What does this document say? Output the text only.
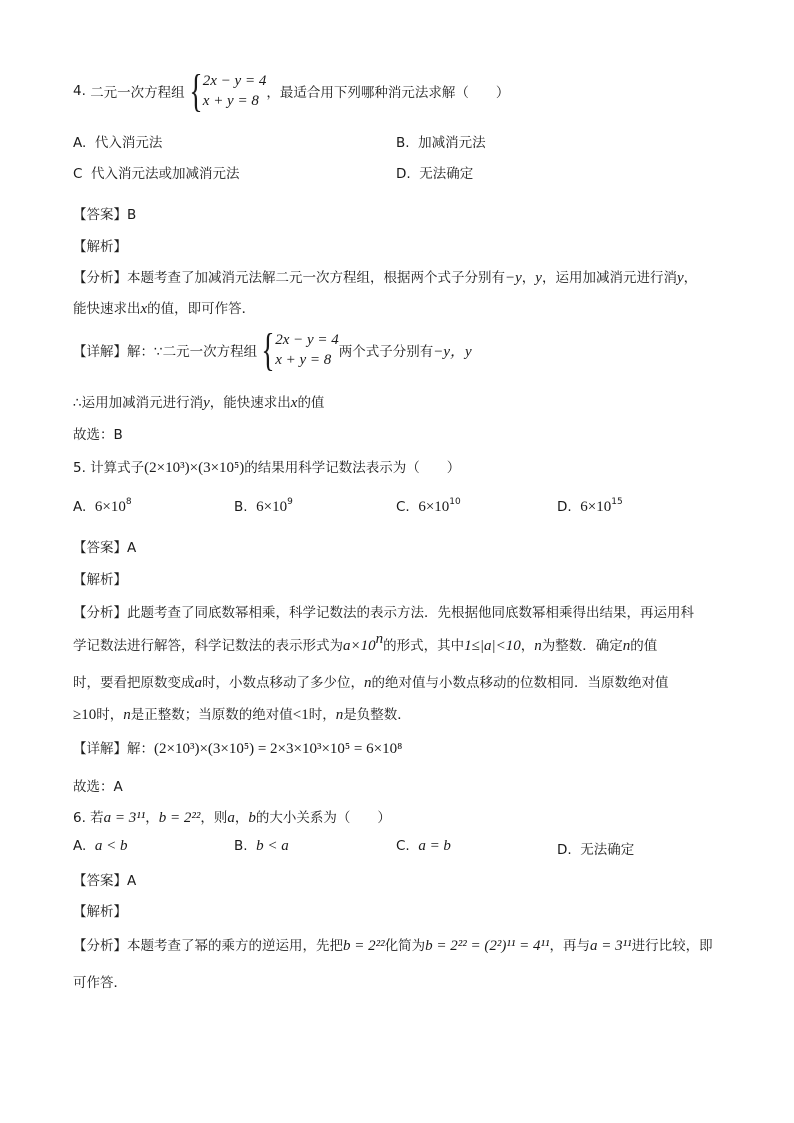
4.
二元一次方程组 { 2x − y = 4
x + y = 8 ，最适合用下列哪种消元法求解（　　）
A. 代入消元法	B. 加减消元法
C 代入消元法或加减消元法	D. 无法确定
【答案】B
【解析】
【分析】本题考查了加减消元法解二元一次方程组，根据两个式子分别有−y，y，运用加减消元进行消y，
能快速求出x的值，即可作答．
【详解】解：∵二元一次方程组 { 2x − y = 4
x + y = 8 两个式子分别有 −y，y
∴运用加减消元进行消y，能快速求出x的值
故选：B
5. 计算式子(2×10³)×(3×10⁵)的结果用科学记数法表示为（　　）
A. $6\times 10^8$	B. $6\times 10^9$	C. $6\times 10^{10}$	D. $6\times 10^{15}$
【答案】A
【解析】
【分析】此题考查了同底数幂相乘，科学记数法的表示方法．先根据他同底数幂相乘得出结果，再运用科
学记数法进行解答，科学记数法的表示形式为$a\times 10^n$的形式，其中1≤|a|<10，n为整数．确定n的值
时，要看把原数变成a时，小数点移动了多少位，n的绝对值与小数点移动的位数相同．当原数绝对值
≥10时，n是正整数；当原数的绝对值<1时，n是负整数．
【详解】解：(2×10³)×(3×10⁵) = 2×3×10³×10⁵ = 6×10⁸
故选：A
6. 若a = 3¹¹，b = 2²²，则a，b的大小关系为（　　）
A. a < b	B. b < a	C. a = b	D. 无法确定
【答案】A
【解析】
【分析】本题考查了幂的乘方的逆运用，先把b = 2²²化简为b = 2²² = (2²)¹¹ = 4¹¹，再与a = 3¹¹进行比较，即
可作答．
